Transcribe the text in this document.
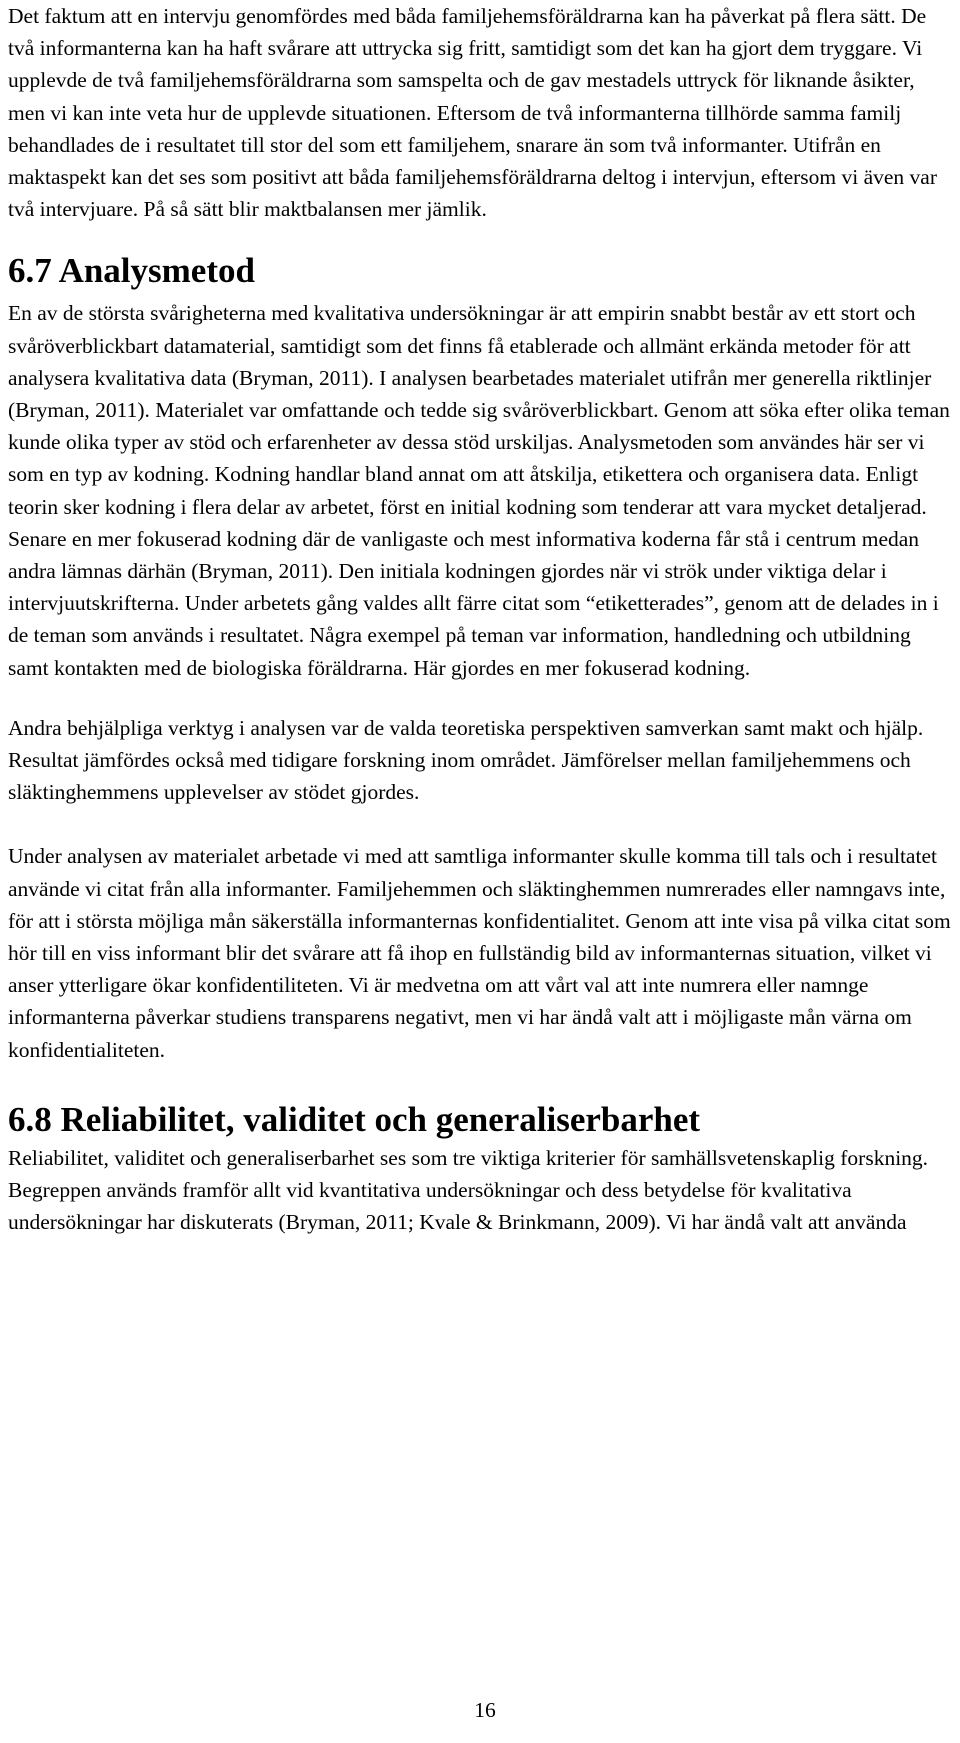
Det faktum att en intervju genomfördes med båda familjehemsföräldrarna kan ha påverkat på flera sätt. De två informanterna kan ha haft svårare att uttrycka sig fritt, samtidigt som det kan ha gjort dem tryggare. Vi upplevde de två familjehemsföräldrarna som samspelta och de gav mestadels uttryck för liknande åsikter, men vi kan inte veta hur de upplevde situationen. Eftersom de två informanterna tillhörde samma familj behandlades de i resultatet till stor del som ett familjehem, snarare än som två informanter. Utifrån en maktaspekt kan det ses som positivt att båda familjehemsföräldrarna deltog i intervjun, eftersom vi även var två intervjuare. På så sätt blir maktbalansen mer jämlik.

6.7 Analysmetod

En av de största svårigheterna med kvalitativa undersökningar är att empirin snabbt består av ett stort och svåröverblickbart datamaterial, samtidigt som det finns få etablerade och allmänt erkända metoder för att analysera kvalitativa data (Bryman, 2011). I analysen bearbetades materialet utifrån mer generella riktlinjer (Bryman, 2011). Materialet var omfattande och tedde sig svåröverblickbart. Genom att söka efter olika teman kunde olika typer av stöd och erfarenheter av dessa stöd urskiljas. Analysmetoden som användes här ser vi som en typ av kodning. Kodning handlar bland annat om att åtskilja, etikettera och organisera data. Enligt teorin sker kodning i flera delar av arbetet, först en initial kodning som tenderar att vara mycket detaljerad. Senare en mer fokuserad kodning där de vanligaste och mest informativa koderna får stå i centrum medan andra lämnas därhän (Bryman, 2011). Den initiala kodningen gjordes när vi strök under viktiga delar i intervjuutskrifterna. Under arbetets gång valdes allt färre citat som “etiketterades”, genom att de delades in i de teman som används i resultatet. Några exempel på teman var information, handledning och utbildning samt kontakten med de biologiska föräldrarna. Här gjordes en mer fokuserad kodning.

Andra behjälpliga verktyg i analysen var de valda teoretiska perspektiven samverkan samt makt och hjälp. Resultat jämfördes också med tidigare forskning inom området. Jämförelser mellan familjehemmens och släktinghemmens upplevelser av stödet gjordes.

Under analysen av materialet arbetade vi med att samtliga informanter skulle komma till tals och i resultatet använde vi citat från alla informanter. Familjehemmen och släktinghemmen numrerades eller namngavs inte, för att i största möjliga mån säkerställa informanternas konfidentialitet. Genom att inte visa på vilka citat som hör till en viss informant blir det svårare att få ihop en fullständig bild av informanternas situation, vilket vi anser ytterligare ökar konfidentiliteten. Vi är medvetna om att vårt val att inte numrera eller namngе informanterna påverkar studiens transparens negativt, men vi har ändå valt att i möjligaste mån värna om konfidentialiteten.

6.8 Reliabilitet, validitet och generaliserbarhet

Reliabilitet, validitet och generaliserbarhet ses som tre viktiga kriterier för samhällsvetenskaplig forskning. Begreppen används framför allt vid kvantitativa undersökningar och dess betydelse för kvalitativa undersökningar har diskuterats (Bryman, 2011; Kvale & Brinkmann, 2009). Vi har ändå valt att använda

16
